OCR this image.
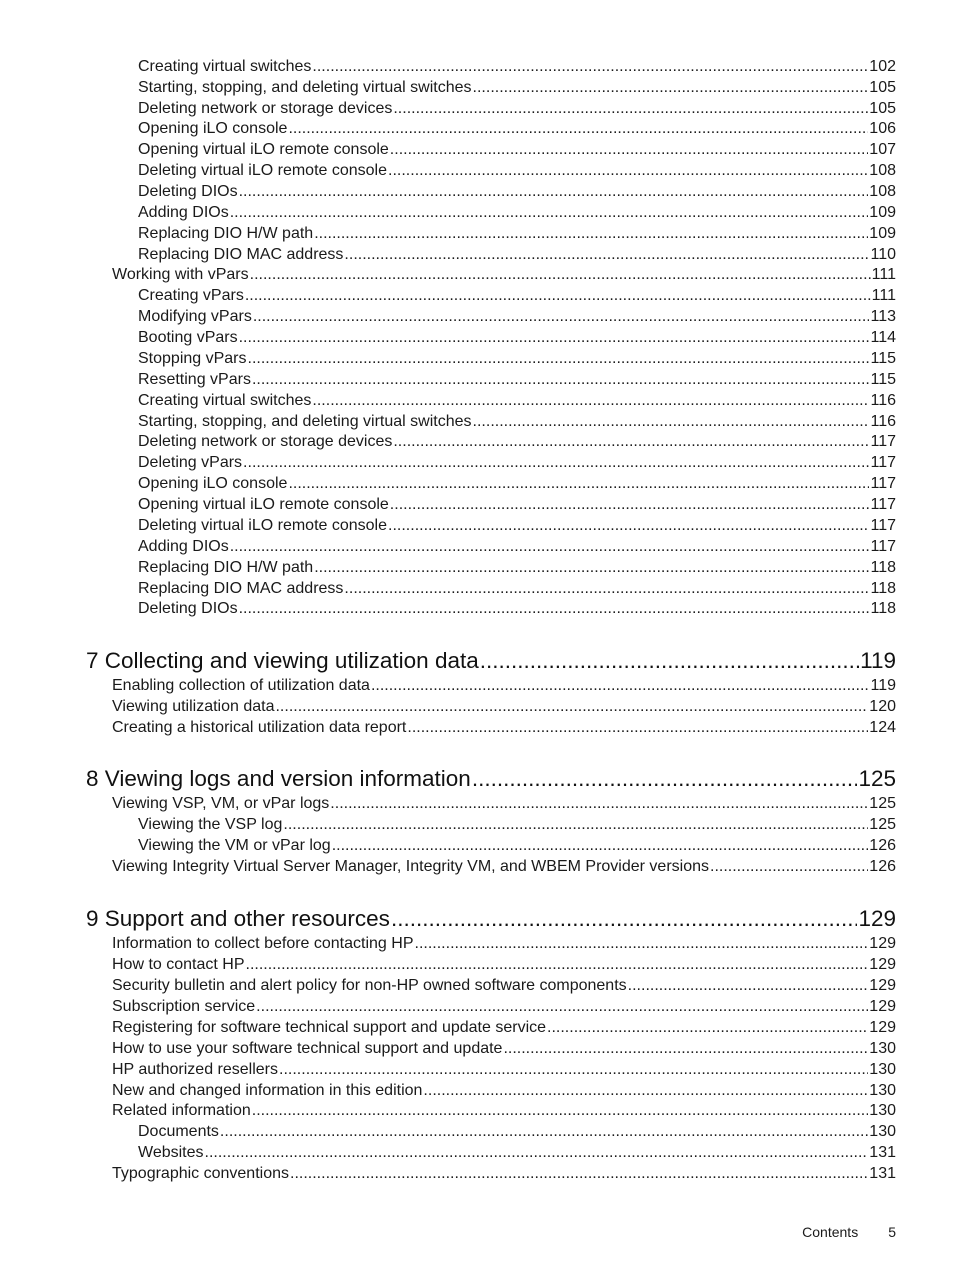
Creating virtual switches .....	102
Starting, stopping, and deleting virtual switches .....	105
Deleting network or storage devices .....	105
Opening iLO console .....	106
Opening virtual iLO remote console .....	107
Deleting virtual iLO remote console .....	108
Deleting DIOs .....	108
Adding DIOs .....	109
Replacing DIO H/W path .....	109
Replacing DIO MAC address .....	110
Working with vPars .....	111
Creating vPars .....	111
Modifying vPars .....	113
Booting vPars .....	114
Stopping vPars .....	115
Resetting vPars .....	115
Creating virtual switches .....	116
Starting, stopping, and deleting virtual switches .....	116
Deleting network or storage devices .....	117
Deleting vPars .....	117
Opening iLO console .....	117
Opening virtual iLO remote console .....	117
Deleting virtual iLO remote console .....	117
Adding DIOs .....	117
Replacing DIO H/W path .....	118
Replacing DIO MAC address .....	118
Deleting DIOs .....	118
7 Collecting and viewing utilization data .....	119
Enabling collection of utilization data .....	119
Viewing utilization data .....	120
Creating a historical utilization data report .....	124
8 Viewing logs and version information .....	125
Viewing VSP, VM, or vPar logs .....	125
Viewing the VSP log .....	125
Viewing the VM or vPar log .....	126
Viewing Integrity Virtual Server Manager, Integrity VM, and WBEM Provider versions .....	126
9 Support and other resources .....	129
Information to collect before contacting HP .....	129
How to contact HP .....	129
Security bulletin and alert policy for non-HP owned software components .....	129
Subscription service .....	129
Registering for software technical support and update service .....	129
How to use your software technical support and update .....	130
HP authorized resellers .....	130
New and changed information in this edition .....	130
Related information .....	130
Documents .....	130
Websites .....	131
Typographic conventions .....	131
Contents 5
